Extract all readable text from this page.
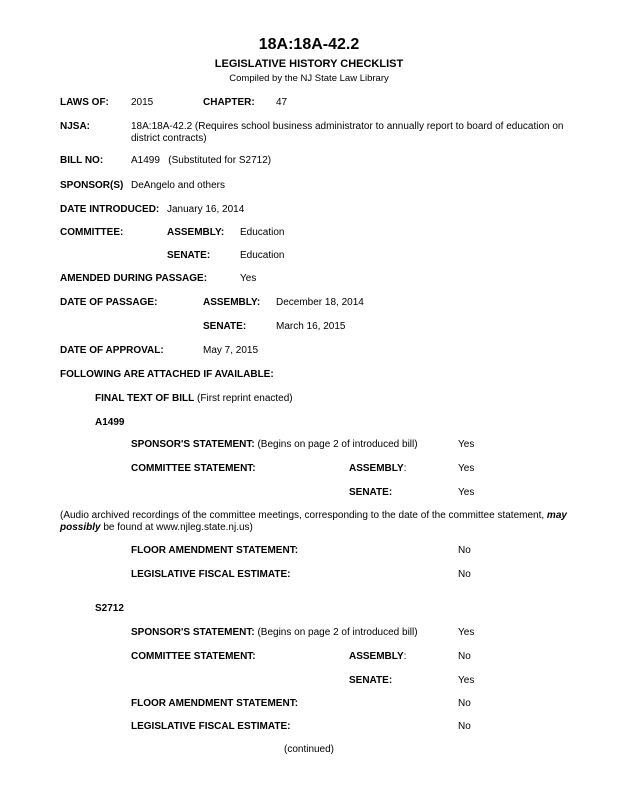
18A:18A-42.2
LEGISLATIVE HISTORY CHECKLIST
Compiled by the NJ State Law Library
LAWS OF: 2015	CHAPTER: 47
NJSA:	18A:18A-42.2 (Requires school business administrator to annually report to board of education on district contracts)
BILL NO:	A1499   (Substituted for S2712)
SPONSOR(S) DeAngelo and others
DATE INTRODUCED: January 16, 2014
COMMITTEE:	ASSEMBLY: Education
SENATE:	Education
AMENDED DURING PASSAGE:	Yes
DATE OF PASSAGE:	ASSEMBLY: December 18, 2014
SENATE:	March 16, 2015
DATE OF APPROVAL:	May 7, 2015
FOLLOWING ARE ATTACHED IF AVAILABLE:
FINAL TEXT OF BILL (First reprint enacted)
A1499
SPONSOR'S STATEMENT: (Begins on page 2 of introduced bill)	Yes
COMMITTEE STATEMENT:	ASSEMBLY:	Yes
SENATE:	Yes
(Audio archived recordings of the committee meetings, corresponding to the date of the committee statement, may possibly be found at www.njleg.state.nj.us)
FLOOR AMENDMENT STATEMENT:	No
LEGISLATIVE FISCAL ESTIMATE:	No
S2712
SPONSOR'S STATEMENT: (Begins on page 2 of introduced bill)	Yes
COMMITTEE STATEMENT:	ASSEMBLY:	No
SENATE:	Yes
FLOOR AMENDMENT STATEMENT:	No
LEGISLATIVE FISCAL ESTIMATE:	No
(continued)
